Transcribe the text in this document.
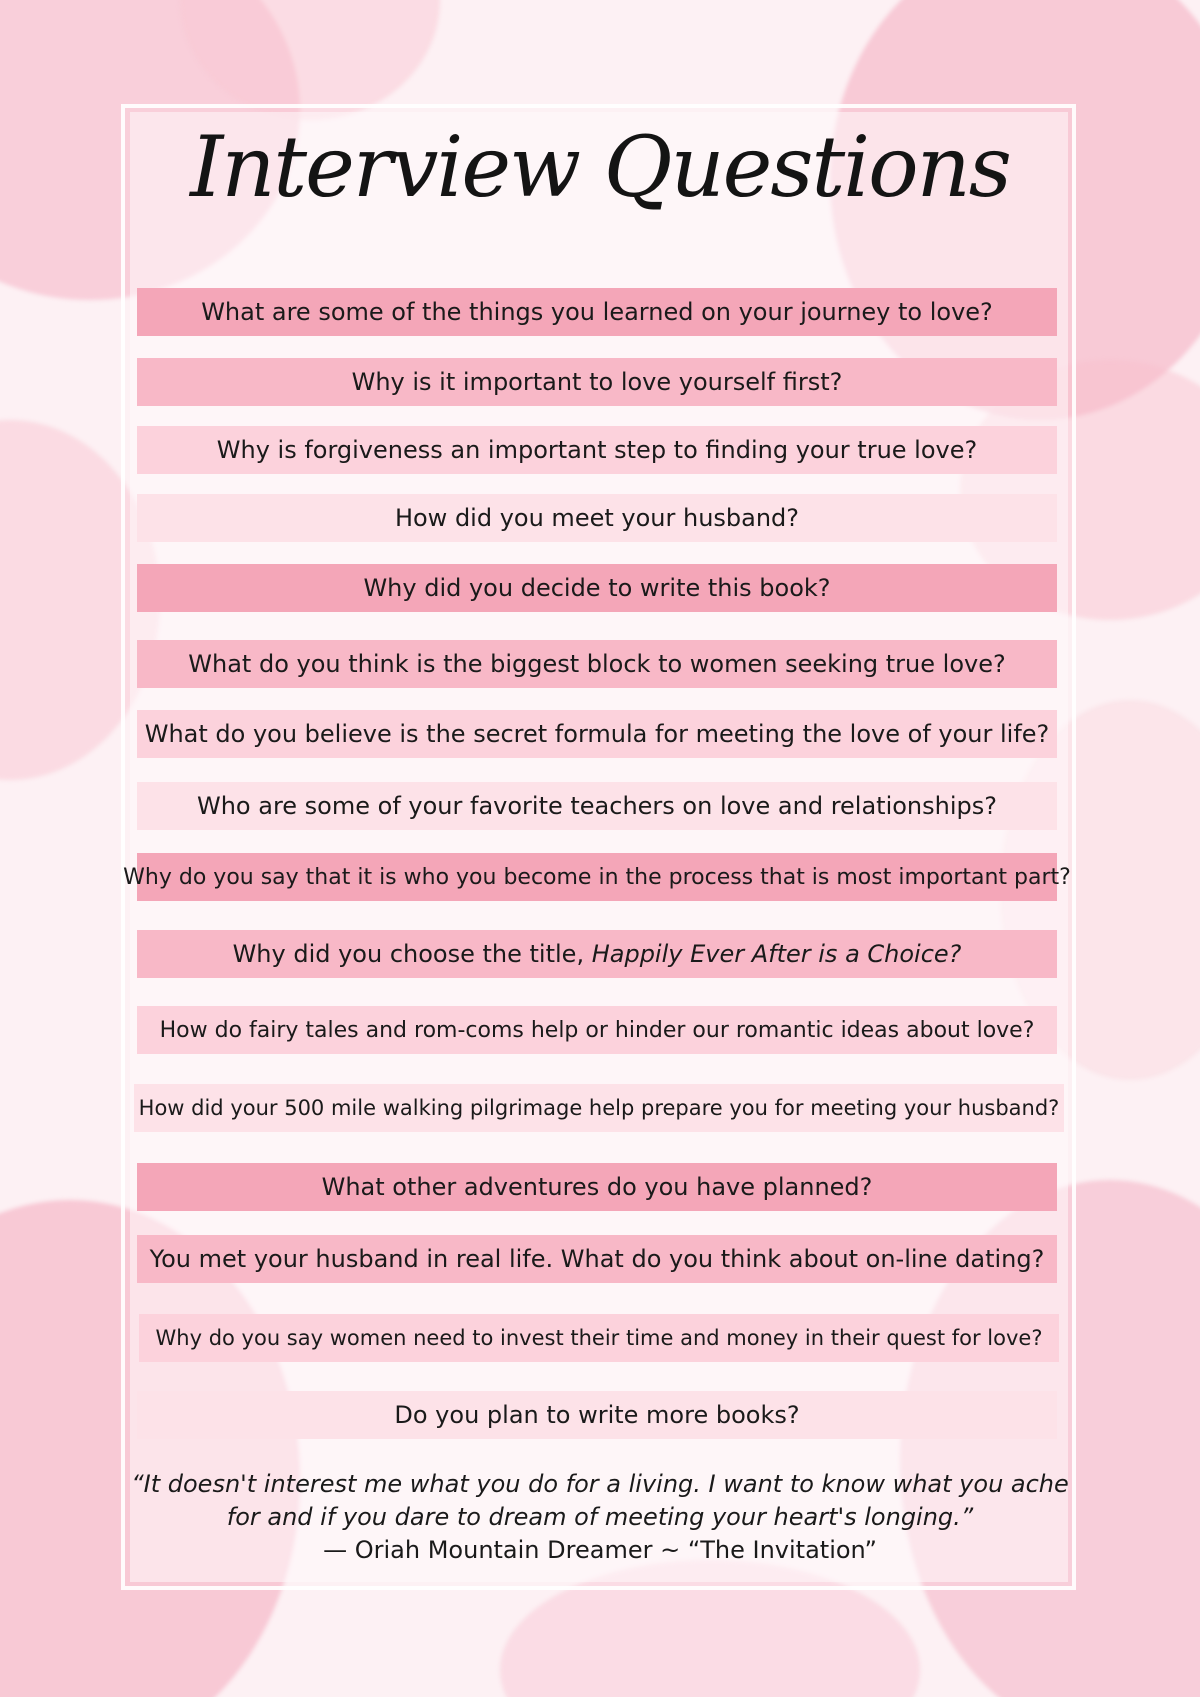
Interview Questions
What are some of the things you learned on your journey to love?
Why is it important to love yourself first?
Why is forgiveness an important step to finding your true love?
How did you meet your husband?
Why did you decide to write this book?
What do you think is the biggest block to women seeking true love?
What do you believe is the secret formula for meeting the love of your life?
Who are some of your favorite teachers on love and relationships?
Why do you say that it is who you become in the process that is most important part?
Why did you choose the title, Happily Ever After is a Choice?
How do fairy tales and rom-coms help or hinder our romantic ideas about love?
How did your 500 mile walking pilgrimage help prepare you for meeting your husband?
What other adventures do you have planned?
You met your husband in real life. What do you think about on-line dating?
Why do you say women need to invest their time and money in their quest for love?
Do you plan to write more books?
“It doesn't interest me what you do for a living. I want to know what you ache
for and if you dare to dream of meeting your heart's longing.”
— Oriah Mountain Dreamer ~ “The Invitation”
